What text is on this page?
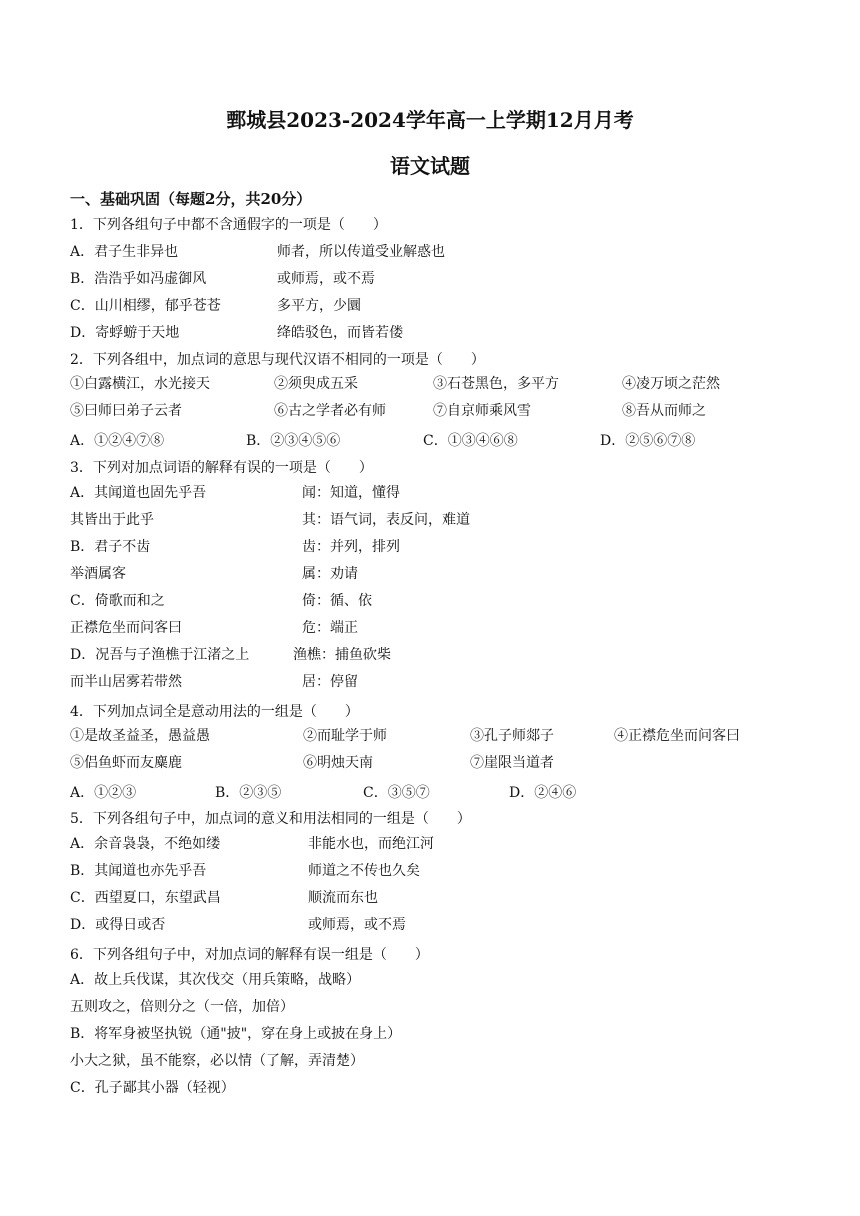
鄄城县2023-2024学年高一上学期12月月考
语文试题
一、基础巩固（每题2分，共20分）
1．下列各组句子中都不含通假字的一项是（　　）
A．君子生非异也	师者，所以传道受业解惑也
B．浩浩乎如冯虚御风	或师焉，或不焉
C．山川相缪，郁乎苍苍	多平方，少圜
D．寄蜉蝣于天地	绛皓驳色，而皆若偻
2．下列各组中，加点词的意思与现代汉语不相同的一项是（　　）
①白露横江，水光接天	②须臾成五采	③石苍黑色，多平方	④凌万顷之茫然
⑤曰师曰弟子云者	⑥古之学者必有师	⑦自京师乘风雪	⑧吾从而师之
A．①②④⑦⑧	B．②③④⑤⑥	C．①③④⑥⑧	D．②⑤⑥⑦⑧
3．下列对加点词语的解释有误的一项是（　　）
A．其闻道也固先乎吾	闻：知道，懂得
其皆出于此乎	其：语气词，表反问，难道
B．君子不齿	齿：并列，排列
举酒属客	属：劝请
C．倚歌而和之	倚：循、依
正襟危坐而问客曰	危：端正
D．况吾与子渔樵于江渚之上	渔樵：捕鱼砍柴
而半山居雾若带然	居：停留
4．下列加点词全是意动用法的一组是（　　）
①是故圣益圣，愚益愚	②而耻学于师	③孔子师郯子	④正襟危坐而问客曰
⑤侣鱼虾而友麋鹿	⑥明烛天南	⑦崖限当道者
A．①②③	B．②③⑤	C．③⑤⑦	D．②④⑥
5．下列各组句子中，加点词的意义和用法相同的一组是（　　）
A．余音袅袅，不绝如缕	非能水也，而绝江河
B．其闻道也亦先乎吾	师道之不传也久矣
C．西望夏口，东望武昌	顺流而东也
D．或得日或否	或师焉，或不焉
6．下列各组句子中，对加点词的解释有误一组是（　　）
A．故上兵伐谋，其次伐交（用兵策略，战略）
五则攻之，倍则分之（一倍，加倍）
B．将军身被坚执锐（通"披"，穿在身上或披在身上）
小大之狱，虽不能察，必以情（了解，弄清楚）
C．孔子鄙其小器（轻视）
